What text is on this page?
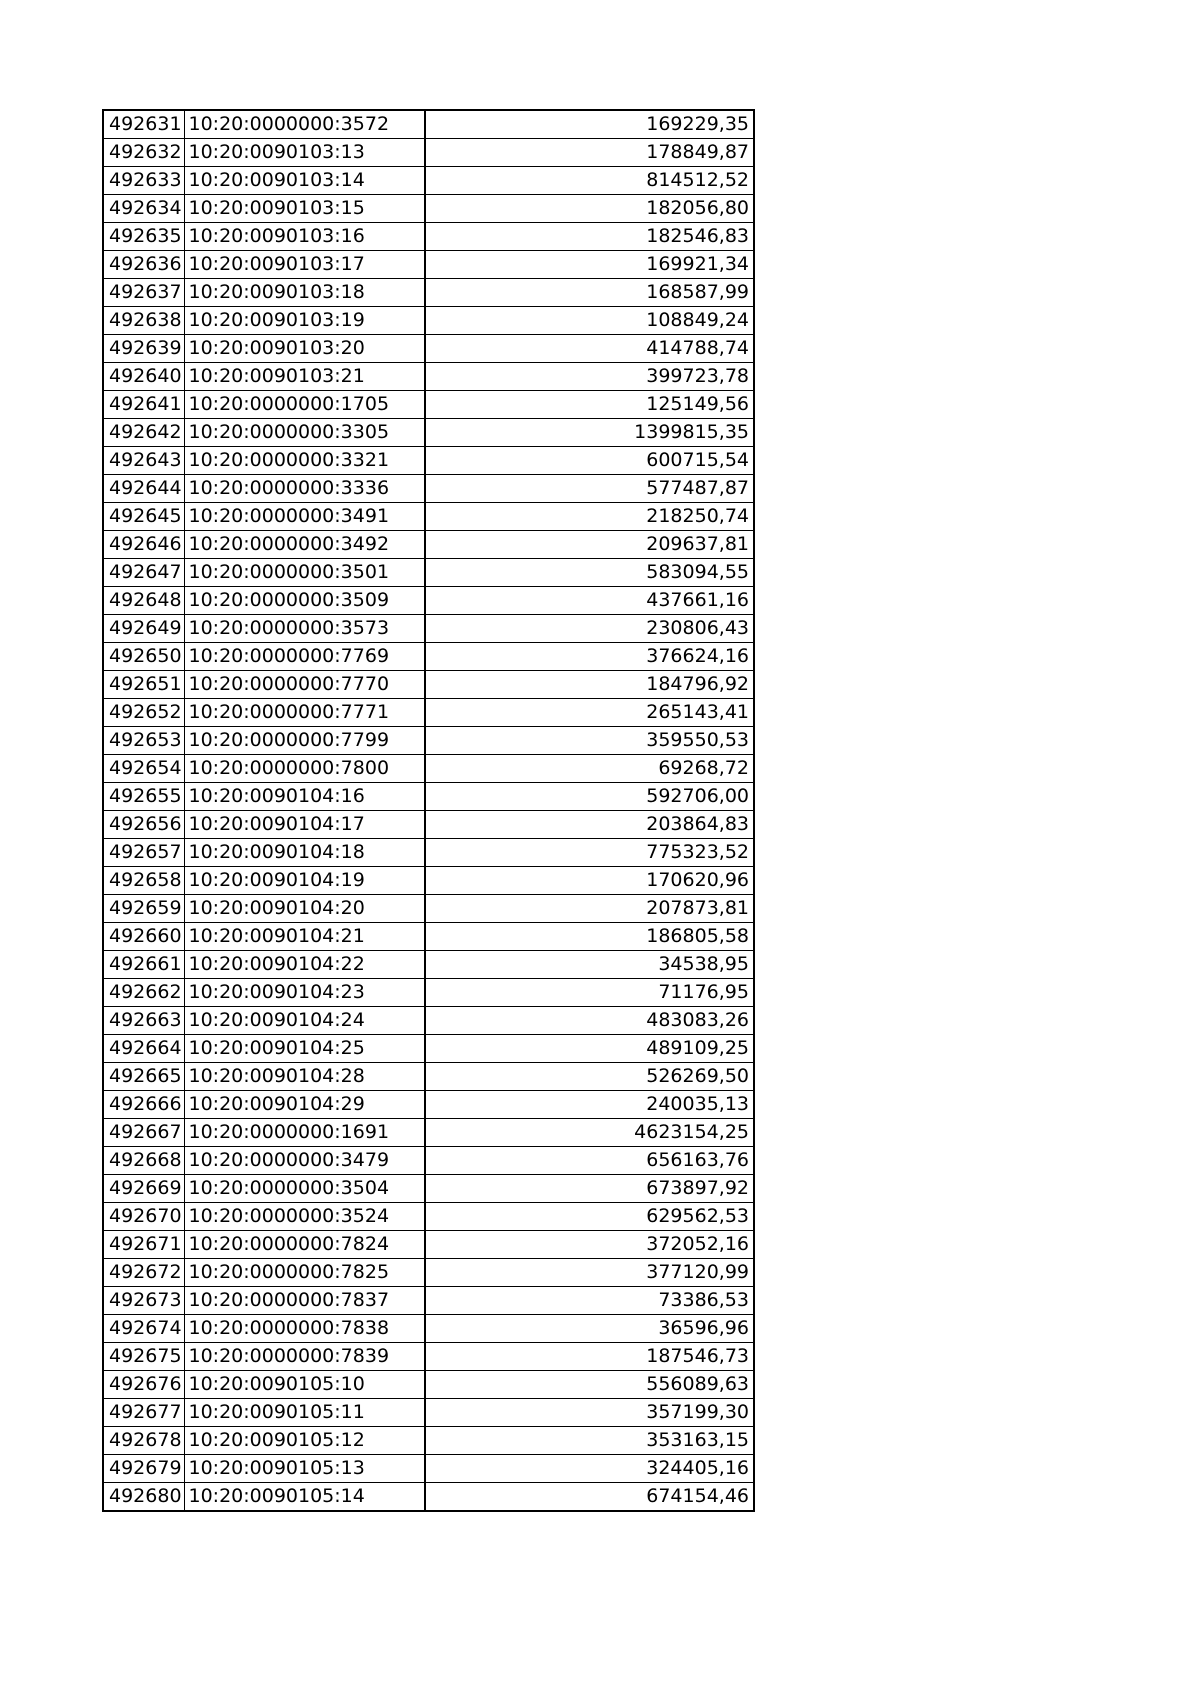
492631	10:20:0000000:3572	169229,35
492632	10:20:0090103:13	178849,87
492633	10:20:0090103:14	814512,52
492634	10:20:0090103:15	182056,80
492635	10:20:0090103:16	182546,83
492636	10:20:0090103:17	169921,34
492637	10:20:0090103:18	168587,99
492638	10:20:0090103:19	108849,24
492639	10:20:0090103:20	414788,74
492640	10:20:0090103:21	399723,78
492641	10:20:0000000:1705	125149,56
492642	10:20:0000000:3305	1399815,35
492643	10:20:0000000:3321	600715,54
492644	10:20:0000000:3336	577487,87
492645	10:20:0000000:3491	218250,74
492646	10:20:0000000:3492	209637,81
492647	10:20:0000000:3501	583094,55
492648	10:20:0000000:3509	437661,16
492649	10:20:0000000:3573	230806,43
492650	10:20:0000000:7769	376624,16
492651	10:20:0000000:7770	184796,92
492652	10:20:0000000:7771	265143,41
492653	10:20:0000000:7799	359550,53
492654	10:20:0000000:7800	69268,72
492655	10:20:0090104:16	592706,00
492656	10:20:0090104:17	203864,83
492657	10:20:0090104:18	775323,52
492658	10:20:0090104:19	170620,96
492659	10:20:0090104:20	207873,81
492660	10:20:0090104:21	186805,58
492661	10:20:0090104:22	34538,95
492662	10:20:0090104:23	71176,95
492663	10:20:0090104:24	483083,26
492664	10:20:0090104:25	489109,25
492665	10:20:0090104:28	526269,50
492666	10:20:0090104:29	240035,13
492667	10:20:0000000:1691	4623154,25
492668	10:20:0000000:3479	656163,76
492669	10:20:0000000:3504	673897,92
492670	10:20:0000000:3524	629562,53
492671	10:20:0000000:7824	372052,16
492672	10:20:0000000:7825	377120,99
492673	10:20:0000000:7837	73386,53
492674	10:20:0000000:7838	36596,96
492675	10:20:0000000:7839	187546,73
492676	10:20:0090105:10	556089,63
492677	10:20:0090105:11	357199,30
492678	10:20:0090105:12	353163,15
492679	10:20:0090105:13	324405,16
492680	10:20:0090105:14	674154,46
